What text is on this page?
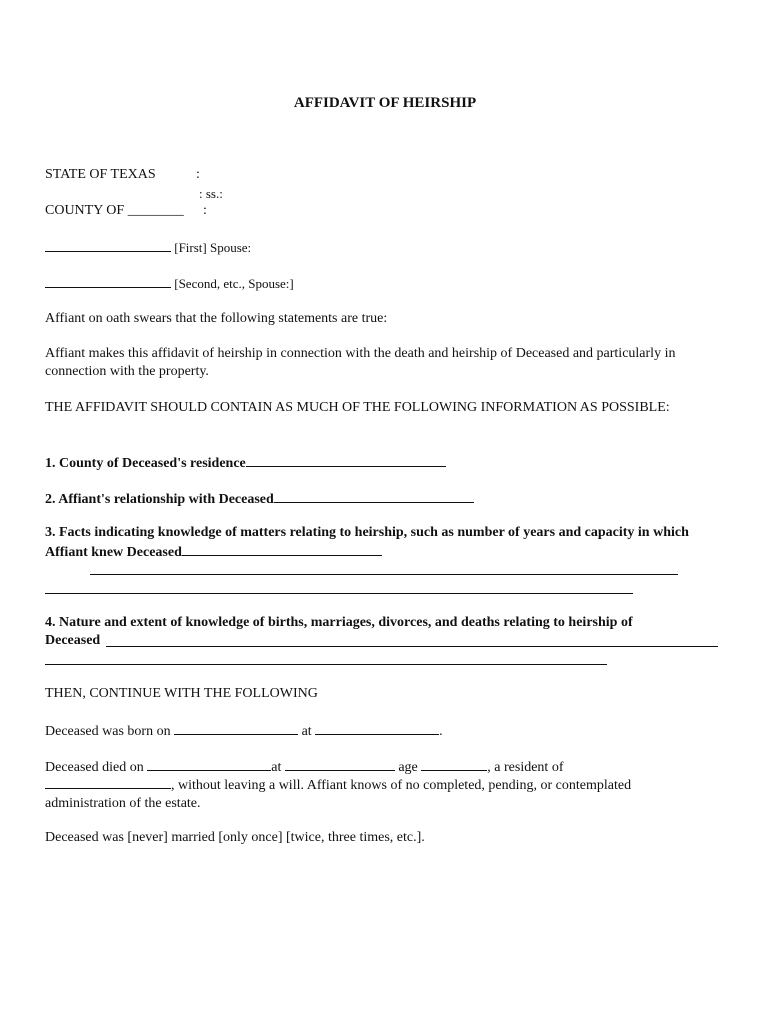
AFFIDAVIT OF HEIRSHIP
STATE OF TEXAS	:
: ss.:
COUNTY OF ________ :
[First] Spouse:
[Second, etc., Spouse:]
Affiant on oath swears that the following statements are true:
Affiant makes this affidavit of heirship in connection with the death and heirship of Deceased and particularly in connection with the property.
THE AFFIDAVIT SHOULD CONTAIN AS MUCH OF THE FOLLOWING INFORMATION AS POSSIBLE:
1. County of Deceased's residence
2. Affiant's relationship with Deceased
3. Facts indicating knowledge of matters relating to heirship, such as number of years and capacity in which Affiant knew Deceased
4. Nature and extent of knowledge of births, marriages, divorces, and deaths relating to heirship of Deceased
THEN, CONTINUE WITH THE FOLLOWING
Deceased was born on	at	.
Deceased died on	at	age	, a resident of
, without leaving a will. Affiant knows of no completed, pending, or contemplated administration of the estate.
Deceased was [never] married [only once] [twice, three times, etc.].
